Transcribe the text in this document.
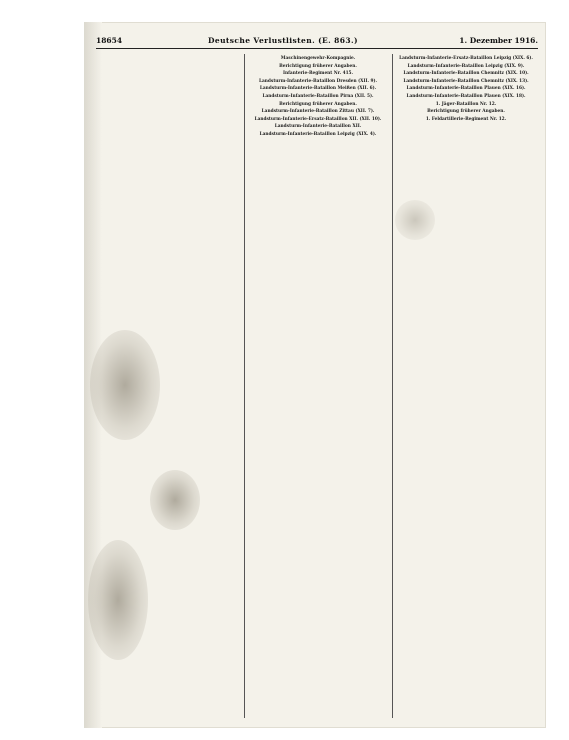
18654	Deutsche Verlustlisten. (E. 863.)	1. Dezember 1916.
Maschinengewehr-Kompagnie.
Berichtigung früherer Angaben.
Infanterie-Regiment Nr. 415.
Landsturm-Infanterie-Bataillon Dresden (XII. 9).
Landsturm-Infanterie-Bataillon Meißen (XII. 6).
Landsturm-Infanterie-Bataillon Pirna (XII. 5).
Berichtigung früherer Angaben.
Landsturm-Infanterie-Bataillon Zittau (XII. 7).
Landsturm-Infanterie-Ersatz-Bataillon XII. (XII. 10).
Landsturm-Infanterie-Bataillon XII.
Landsturm-Infanterie-Bataillon Leipzig (XIX. 4).
Landsturm-Infanterie-Ersatz-Bataillon Leipzig (XIX. 6).
Landsturm-Infanterie-Bataillon Leipzig (XIX. 9).
Landsturm-Infanterie-Bataillon Chemnitz (XIX. 10).
Landsturm-Infanterie-Bataillon Chemnitz (XIX. 13).
Landsturm-Infanterie-Bataillon Plauen (XIX. 16).
Landsturm-Infanterie-Bataillon Plauen (XIX. 18).
1. Jäger-Bataillon Nr. 12.
Berichtigung früherer Angaben.
1. Feldartillerie-Regiment Nr. 12.
